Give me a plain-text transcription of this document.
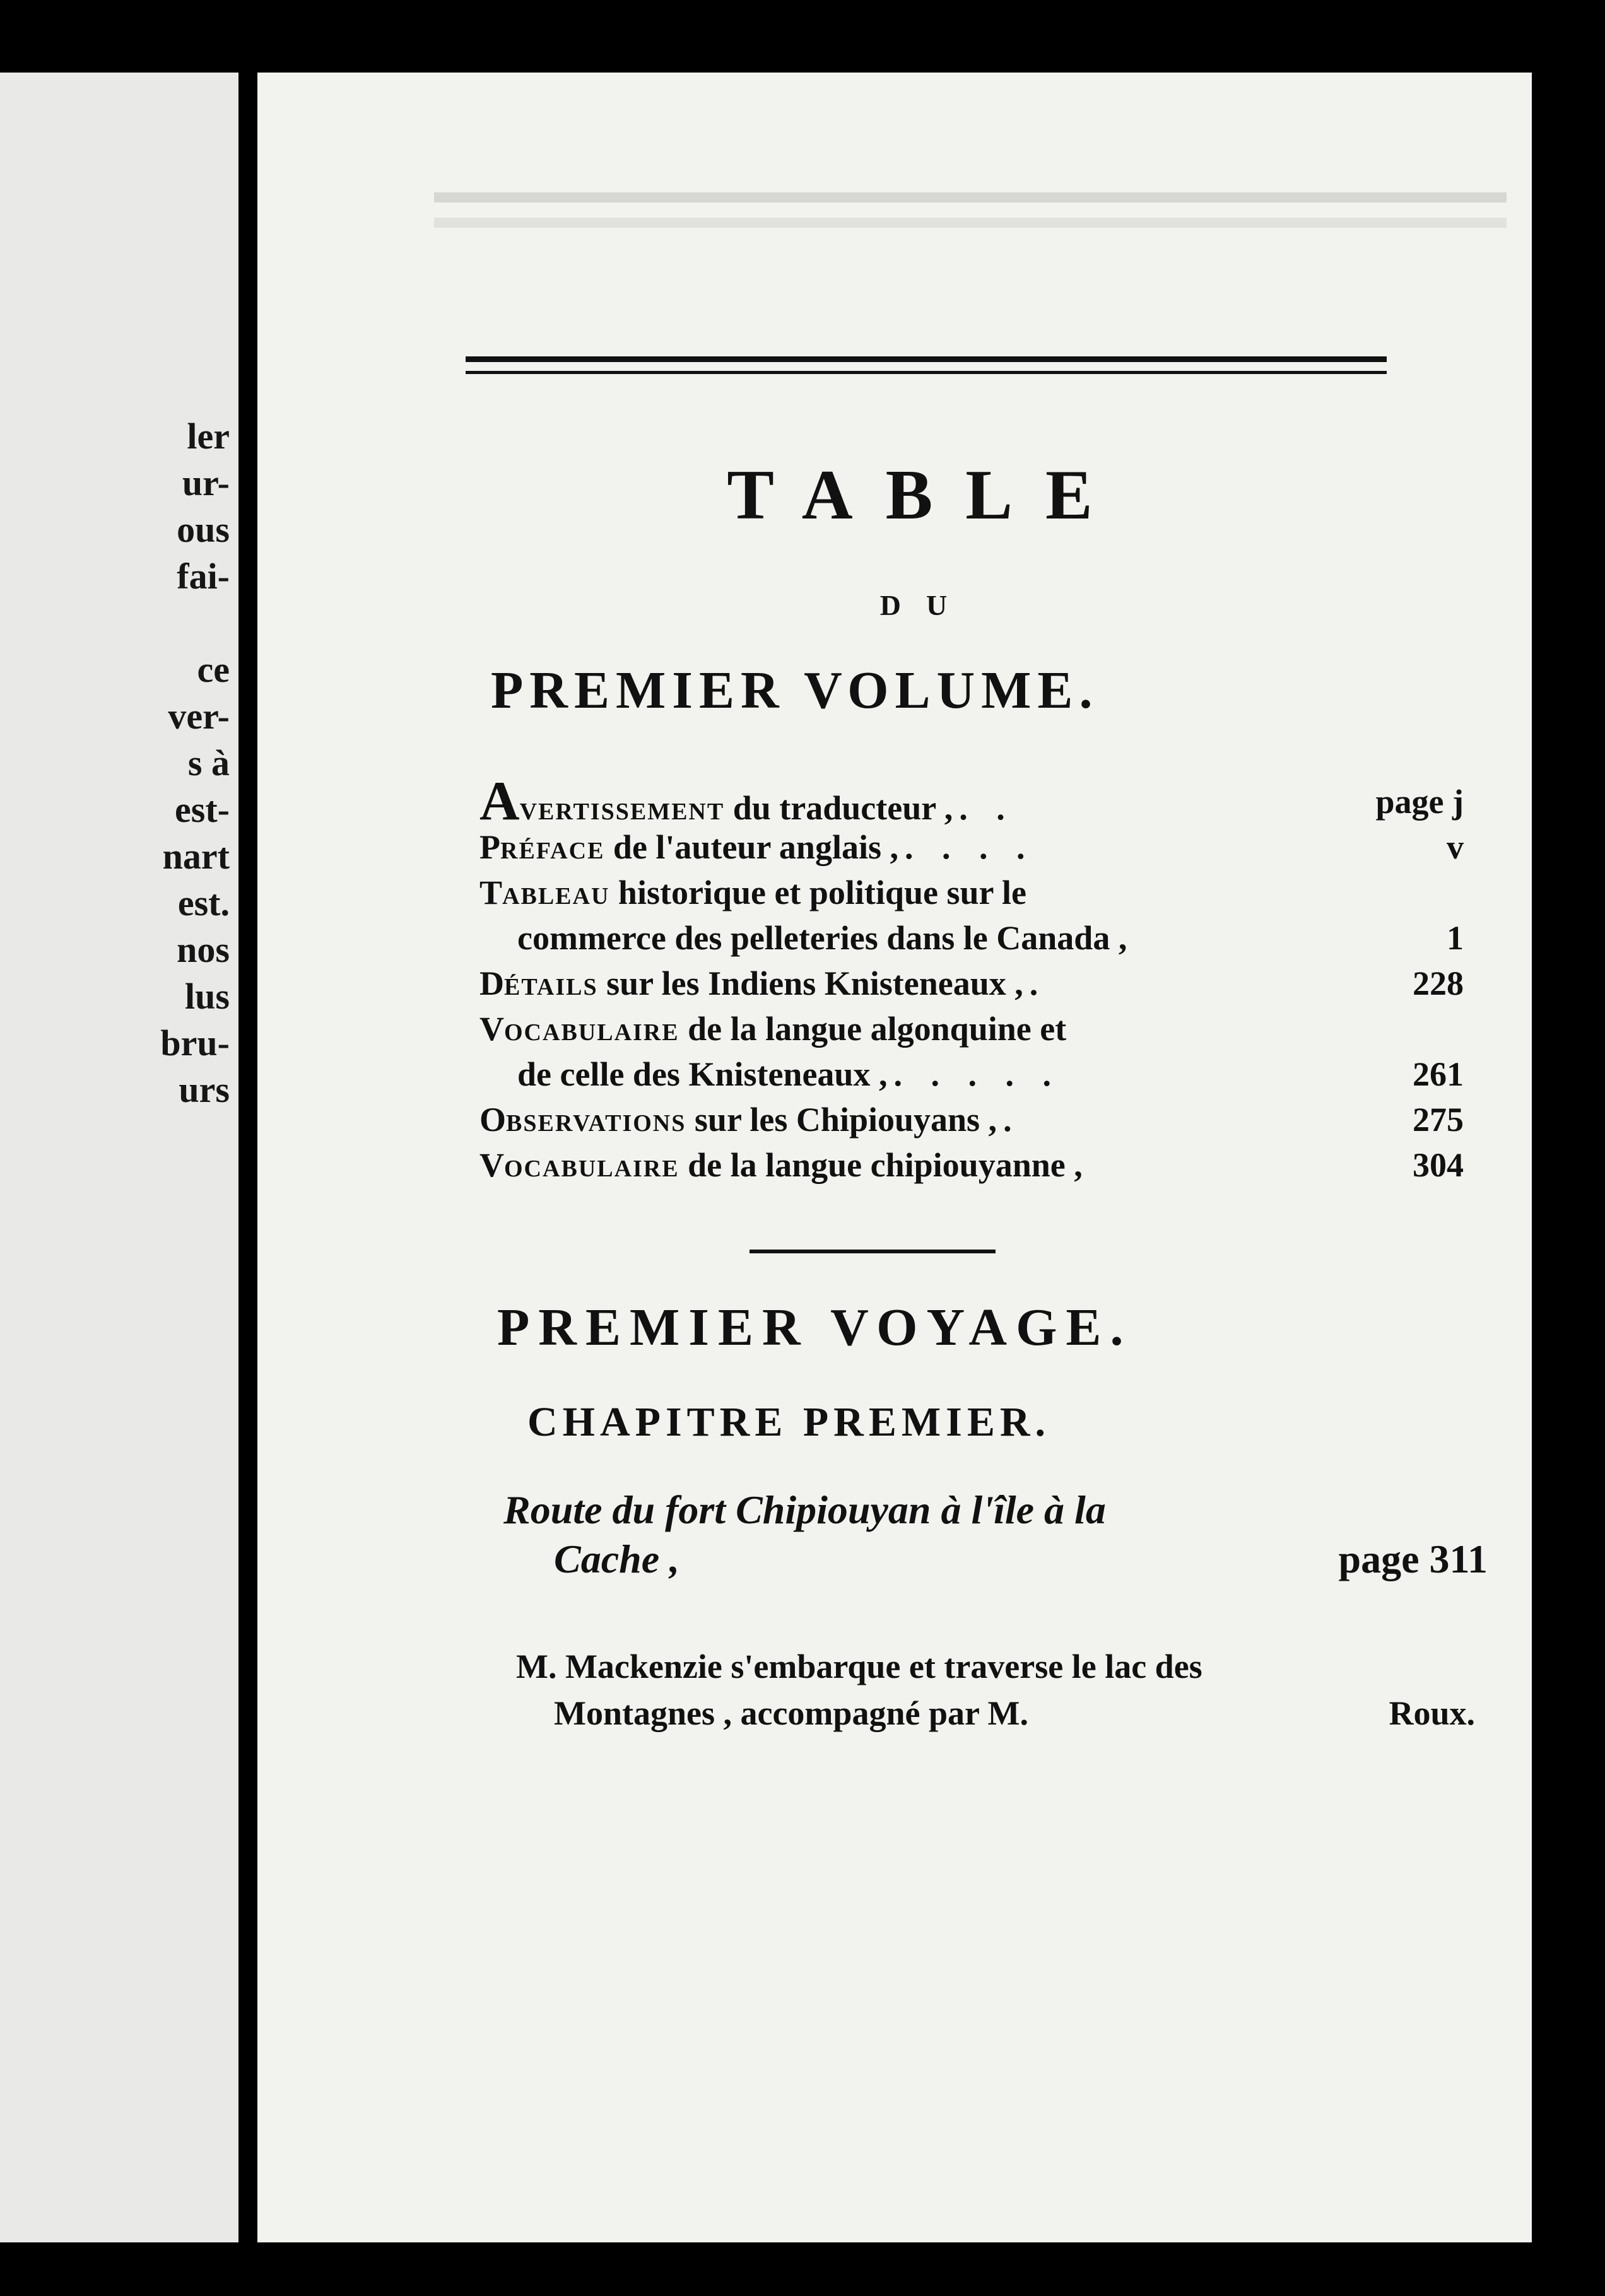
ler
ur-
ous
fai-
ce
ver-
s à
est-
nart
est.
nos
lus
bru-
urs
TABLE
DU
PREMIER VOLUME.
Avertissement du traducteur , . .	page j
Préface de l'auteur anglais , . . . .	v
Tableau historique et politique sur le
commerce des pelleteries dans le Canada ,	1
Détails sur les Indiens Knisteneaux , .	228
Vocabulaire de la langue algonquine et
de celle des Knisteneaux , . . . . .	261
Observations sur les Chipiouyans , .	275
Vocabulaire de la langue chipiouyanne ,	304
PREMIER VOYAGE.
CHAPITRE PREMIER.
Route du fort Chipiouyan à l'île à la
Cache ,	page 311
M. Mackenzie s'embarque et traverse le lac des
Montagnes , accompagné par M.	Roux.
